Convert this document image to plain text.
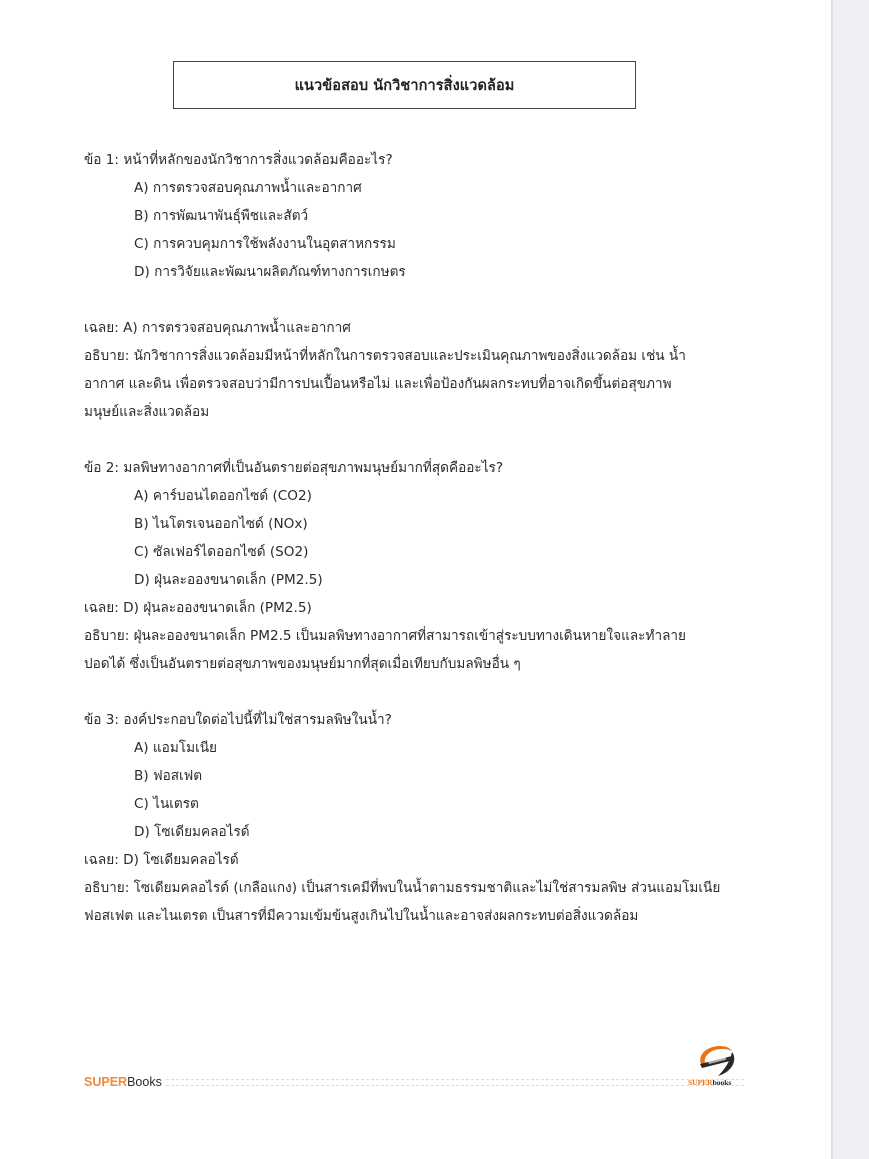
แนวข้อสอบ นักวิชาการสิ่งแวดล้อม
ข้อ 1: หน้าที่หลักของนักวิชาการสิ่งแวดล้อมคืออะไร?
A) การตรวจสอบคุณภาพน้ำและอากาศ
B) การพัฒนาพันธุ์พืชและสัตว์
C) การควบคุมการใช้พลังงานในอุตสาหกรรม
D) การวิจัยและพัฒนาผลิตภัณฑ์ทางการเกษตร
เฉลย: A) การตรวจสอบคุณภาพน้ำและอากาศ
อธิบาย: นักวิชาการสิ่งแวดล้อมมีหน้าที่หลักในการตรวจสอบและประเมินคุณภาพของสิ่งแวดล้อม เช่น น้ำ
อากาศ และดิน เพื่อตรวจสอบว่ามีการปนเปื้อนหรือไม่ และเพื่อป้องกันผลกระทบที่อาจเกิดขึ้นต่อสุขภาพ
มนุษย์และสิ่งแวดล้อม
ข้อ 2: มลพิษทางอากาศที่เป็นอันตรายต่อสุขภาพมนุษย์มากที่สุดคืออะไร?
A) คาร์บอนไดออกไซด์ (CO2)
B) ไนโตรเจนออกไซด์ (NOx)
C) ซัลเฟอร์ไดออกไซด์ (SO2)
D) ฝุ่นละอองขนาดเล็ก (PM2.5)
เฉลย: D) ฝุ่นละอองขนาดเล็ก (PM2.5)
อธิบาย: ฝุ่นละอองขนาดเล็ก PM2.5 เป็นมลพิษทางอากาศที่สามารถเข้าสู่ระบบทางเดินหายใจและทำลาย
ปอดได้ ซึ่งเป็นอันตรายต่อสุขภาพของมนุษย์มากที่สุดเมื่อเทียบกับมลพิษอื่น ๆ
ข้อ 3: องค์ประกอบใดต่อไปนี้ที่ไม่ใช่สารมลพิษในน้ำ?
A) แอมโมเนีย
B) ฟอสเฟต
C) ไนเตรต
D) โซเดียมคลอไรด์
เฉลย: D) โซเดียมคลอไรด์
อธิบาย: โซเดียมคลอไรด์ (เกลือแกง) เป็นสารเคมีที่พบในน้ำตามธรรมชาติและไม่ใช่สารมลพิษ ส่วนแอมโมเนีย
ฟอสเฟต และไนเตรต เป็นสารที่มีความเข้มข้นสูงเกินไปในน้ำและอาจส่งผลกระทบต่อสิ่งแวดล้อม
SUPER Books	SUPERbooks
